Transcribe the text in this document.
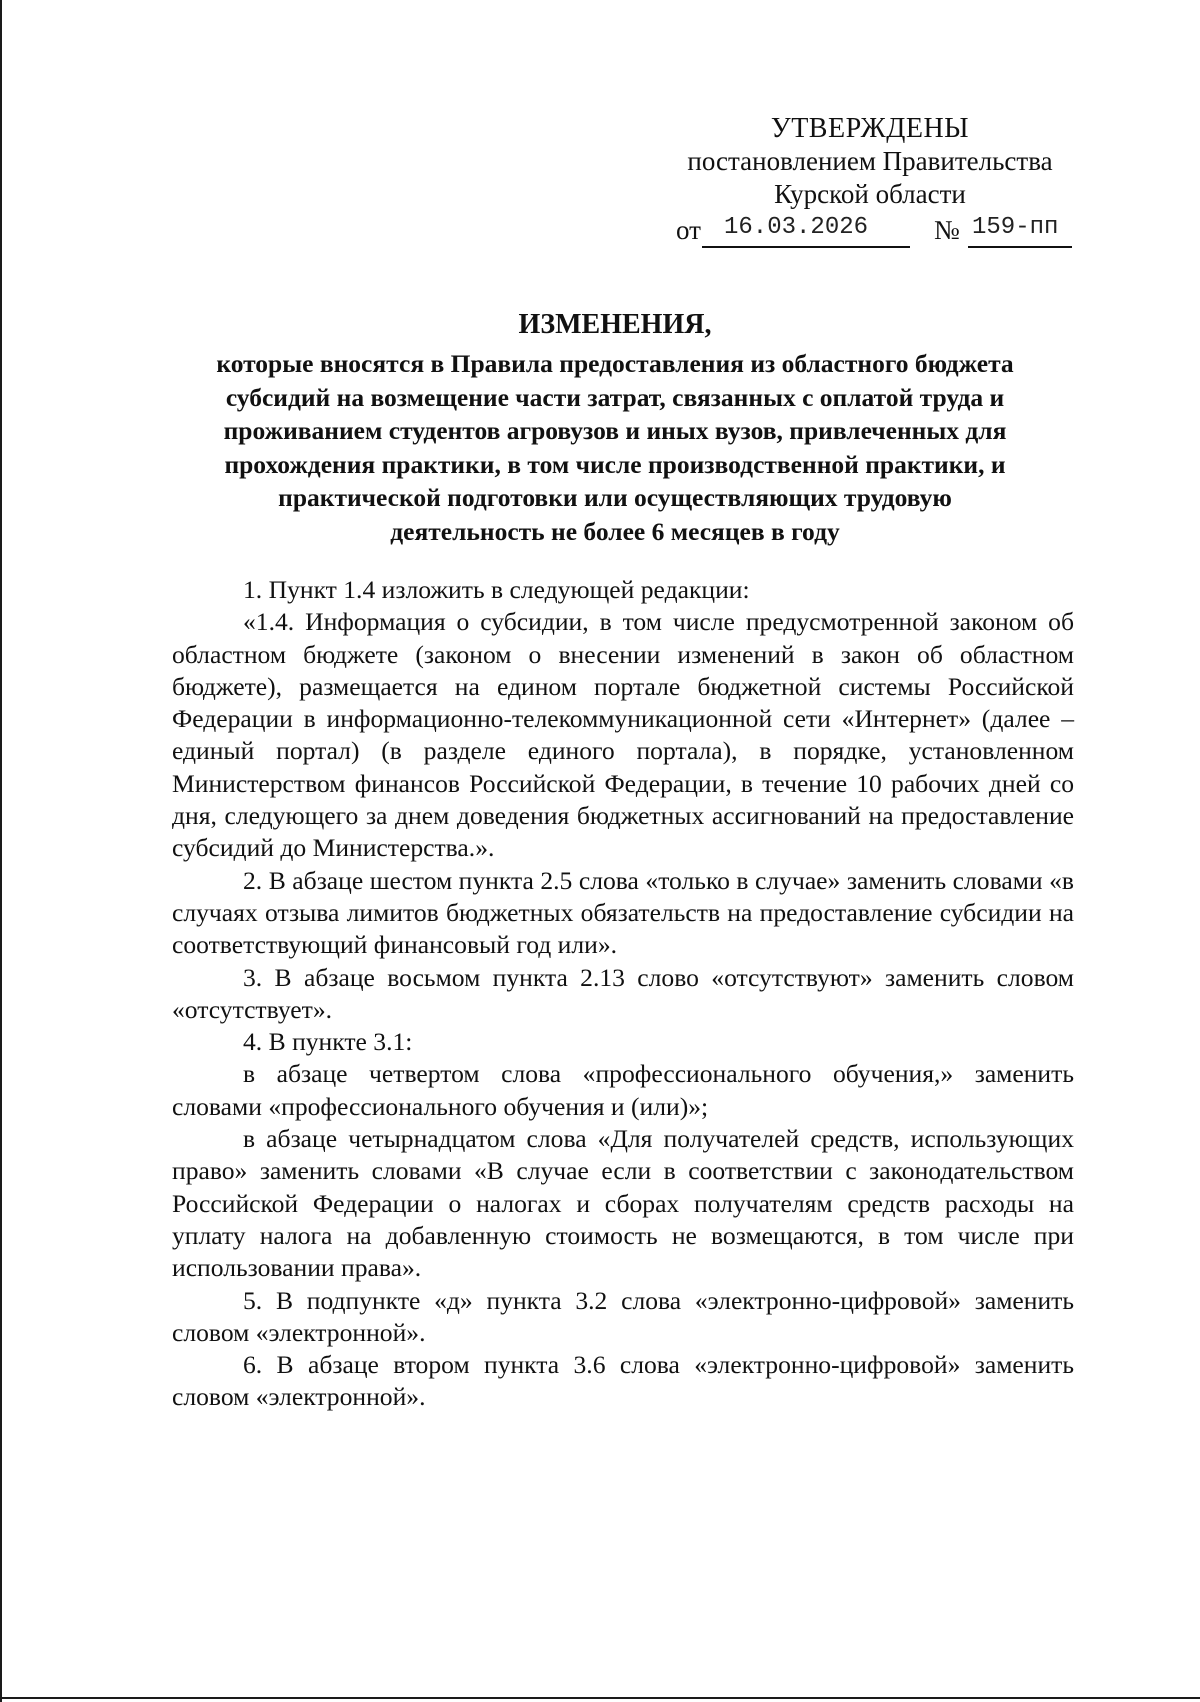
УТВЕРЖДЕНЫ
постановлением Правительства
Курской области
от 16.03.2026 № 159-пп
ИЗМЕНЕНИЯ,
которые вносятся в Правила предоставления из областного бюджета
субсидий на возмещение части затрат, связанных с оплатой труда и
проживанием студентов агровузов и иных вузов, привлеченных для
прохождения практики, в том числе производственной практики, и
практической подготовки или осуществляющих трудовую
деятельность не более 6 месяцев в году

1. Пункт 1.4 изложить в следующей редакции:

«1.4. Информация о субсидии, в том числе предусмотренной законом об областном бюджете (законом о внесении изменений в закон об областном бюджете), размещается на едином портале бюджетной системы Российской Федерации в информационно-телекоммуникационной сети «Интернет» (далее – единый портал) (в разделе единого портала), в порядке, установленном Министерством финансов Российской Федерации, в течение 10 рабочих дней со дня, следующего за днем доведения бюджетных ассигнований на предоставление субсидий до Министерства.».

2. В абзаце шестом пункта 2.5 слова «только в случае» заменить словами «в случаях отзыва лимитов бюджетных обязательств на предоставление субсидии на соответствующий финансовый год или».

3. В абзаце восьмом пункта 2.13 слово «отсутствуют» заменить словом «отсутствует».

4. В пункте 3.1:

в абзаце четвертом слова «профессионального обучения,» заменить словами «профессионального обучения и (или)»;

в абзаце четырнадцатом слова «Для получателей средств, использующих право» заменить словами «В случае если в соответствии с законодательством Российской Федерации о налогах и сборах получателям средств расходы на уплату налога на добавленную стоимость не возмещаются, в том числе при использовании права».

5. В подпункте «д» пункта 3.2 слова «электронно-цифровой» заменить словом «электронной».

6. В абзаце втором пункта 3.6 слова «электронно-цифровой» заменить словом «электронной».
